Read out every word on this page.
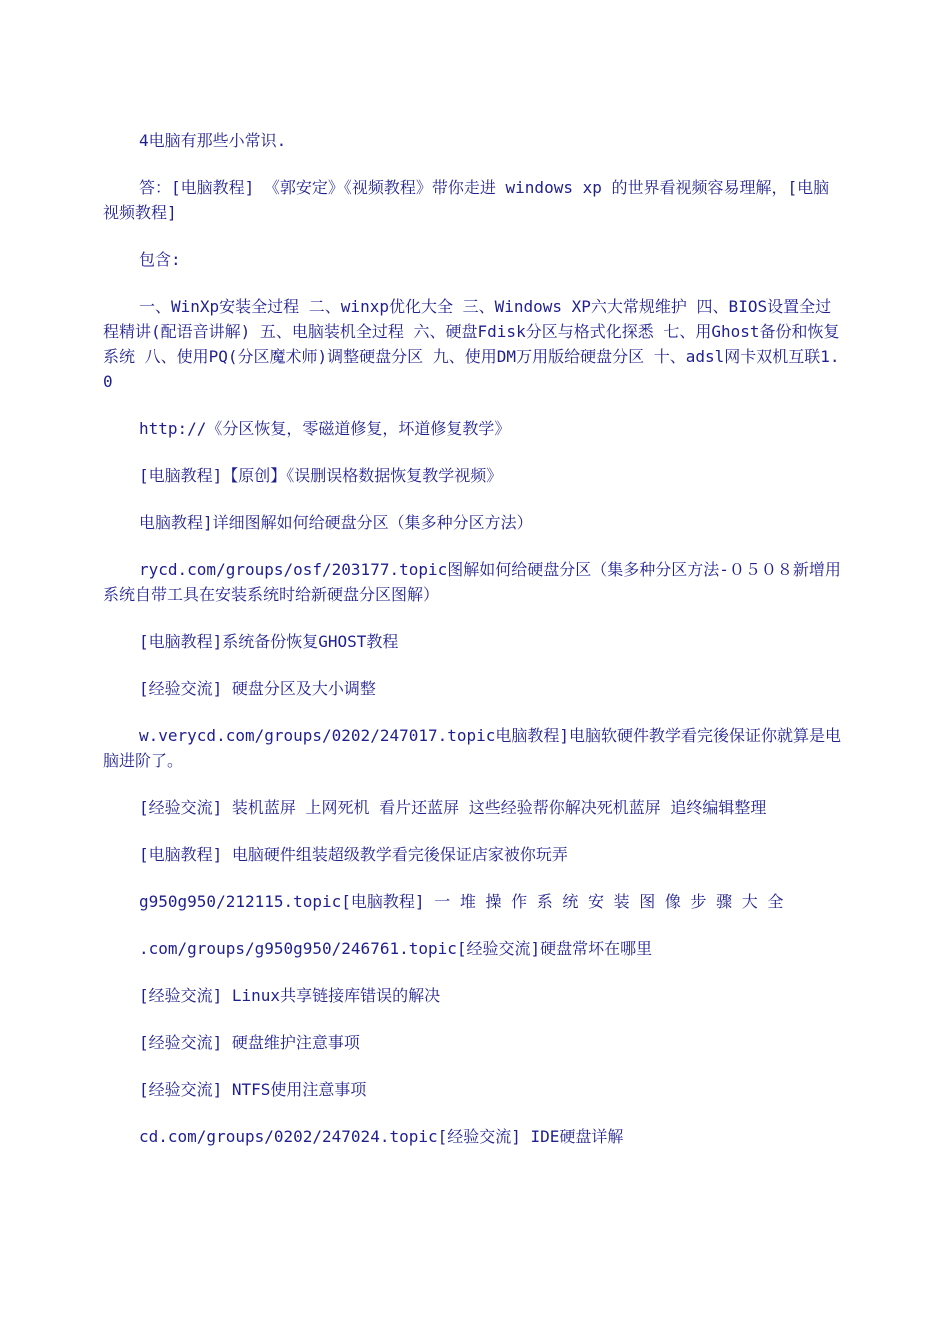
4电脑有那些小常识.

答：[电脑教程] 《郭安定》《视频教程》带你走进 windows xp 的世界看视频容易理解，[电脑视频教程]

包含:

一、WinXp安装全过程 二、winxp优化大全 三、Windows XP六大常规维护 四、BIOS设置全过程精讲(配语音讲解) 五、电脑装机全过程 六、硬盘Fdisk分区与格式化探悉 七、用Ghost备份和恢复系统 八、使用PQ(分区魔术师)调整硬盘分区 九、使用DM万用版给硬盘分区 十、adsl网卡双机互联1.0

http://《分区恢复，零磁道修复，坏道修复教学》

[电脑教程]【原创】《误删误格数据恢复教学视频》

电脑教程]详细图解如何给硬盘分区（集多种分区方法）

rycd.com/groups/osf/203177.topic图解如何给硬盘分区（集多种分区方法-０５０８新增用系统自带工具在安装系统时给新硬盘分区图解）

[电脑教程]系统备份恢复GHOST教程

[经验交流] 硬盘分区及大小调整

w.verycd.com/groups/0202/247017.topic电脑教程]电脑软硬件教学看完後保证你就算是电脑进阶了。

[经验交流] 装机蓝屏 上网死机 看片还蓝屏 这些经验帮你解决死机蓝屏 追终编辑整理

[电脑教程] 电脑硬件组装超级教学看完後保证店家被你玩弄

g950g950/212115.topic[电脑教程] 一 堆 操 作 系 统 安 装 图 像 步 骤 大 全

.com/groups/g950g950/246761.topic[经验交流]硬盘常坏在哪里

[经验交流] Linux共享链接库错误的解决

[经验交流] 硬盘维护注意事项

[经验交流] NTFS使用注意事项

cd.com/groups/0202/247024.topic[经验交流] IDE硬盘详解
